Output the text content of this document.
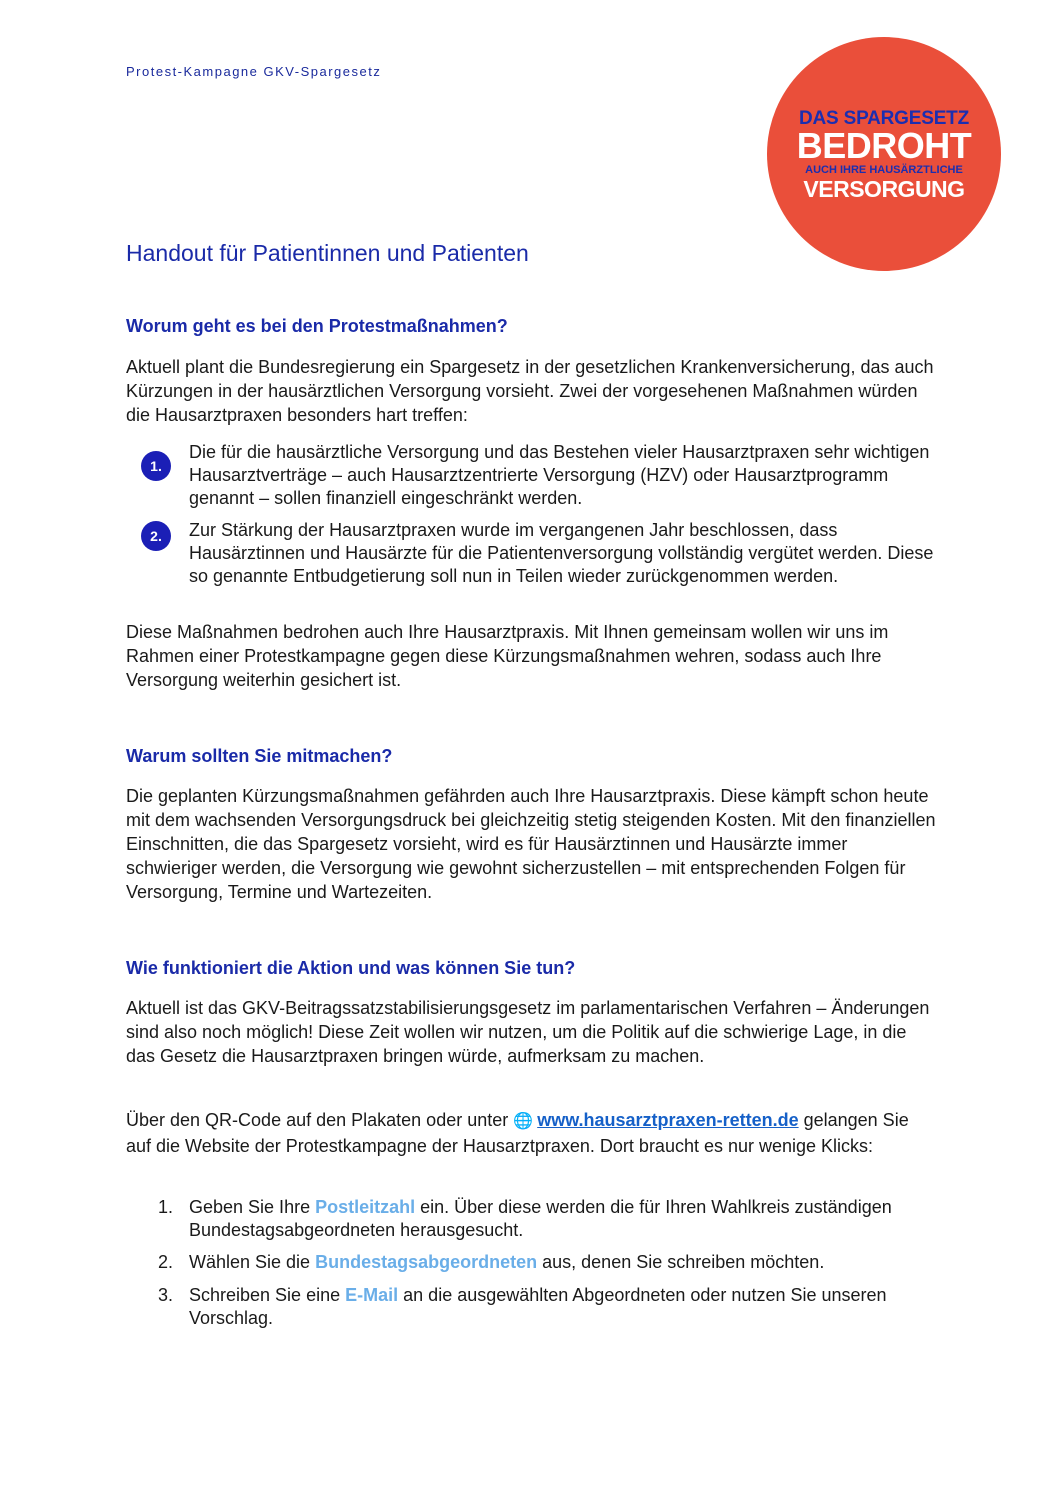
Protest-Kampagne GKV-Spargesetz
DAS SPARGESETZ
BEDROHT
AUCH IHRE HAUSÄRZTLICHE
VERSORGUNG
Handout für Patientinnen und Patienten
Worum geht es bei den Protestmaßnahmen?

Aktuell plant die Bundesregierung ein Spargesetz in der gesetzlichen Krankenversicherung, das auch Kürzungen in der hausärztlichen Versorgung vorsieht. Zwei der vorgesehenen Maßnahmen würden die Hausarztpraxen besonders hart treffen:

1.
Die für die hausärztliche Versorgung und das Bestehen vieler Hausarztpraxen sehr wichtigen Hausarztverträge – auch Hausarztzentrierte Versorgung (HZV) oder Hausarztprogramm genannt – sollen finanziell eingeschränkt werden.
2.	Zur Stärkung der Hausarztpraxen wurde im vergangenen Jahr beschlossen, dass Hausärztinnen und Hausärzte für die Patientenversorgung vollständig vergütet werden. Diese so genannte Entbudgetierung soll nun in Teilen wieder zurückgenommen werden.

Diese Maßnahmen bedrohen auch Ihre Hausarztpraxis. Mit Ihnen gemeinsam wollen wir uns im Rahmen einer Protestkampagne gegen diese Kürzungsmaßnahmen wehren, sodass auch Ihre Versorgung weiterhin gesichert ist.

Warum sollten Sie mitmachen?

Die geplanten Kürzungsmaßnahmen gefährden auch Ihre Hausarztpraxis. Diese kämpft schon heute mit dem wachsenden Versorgungsdruck bei gleichzeitig stetig steigenden Kosten. Mit den finanziellen Einschnitten, die das Spargesetz vorsieht, wird es für Hausärztinnen und Hausärzte immer schwieriger werden, die Versorgung wie gewohnt sicherzustellen – mit entsprechenden Folgen für Versorgung, Termine und Wartezeiten.

Wie funktioniert die Aktion und was können Sie tun?

Aktuell ist das GKV-Beitragssatzstabilisierungsgesetz im parlamentarischen Verfahren – Änderungen sind also noch möglich! Diese Zeit wollen wir nutzen, um die Politik auf die schwierige Lage, in die das Gesetz die Hausarztpraxen bringen würde, aufmerksam zu machen.

Über den QR-Code auf den Plakaten oder unter 🌐 www.hausarztpraxen-retten.de gelangen Sie auf die Website der Protestkampagne der Hausarztpraxen. Dort braucht es nur wenige Klicks:

1. Geben Sie Ihre Postleitzahl ein. Über diese werden die für Ihren Wahlkreis zuständigen Bundestagsabgeordneten herausgesucht.
2. Wählen Sie die Bundestagsabgeordneten aus, denen Sie schreiben möchten.
3. Schreiben Sie eine E-Mail an die ausgewählten Abgeordneten oder nutzen Sie unseren Vorschlag.
